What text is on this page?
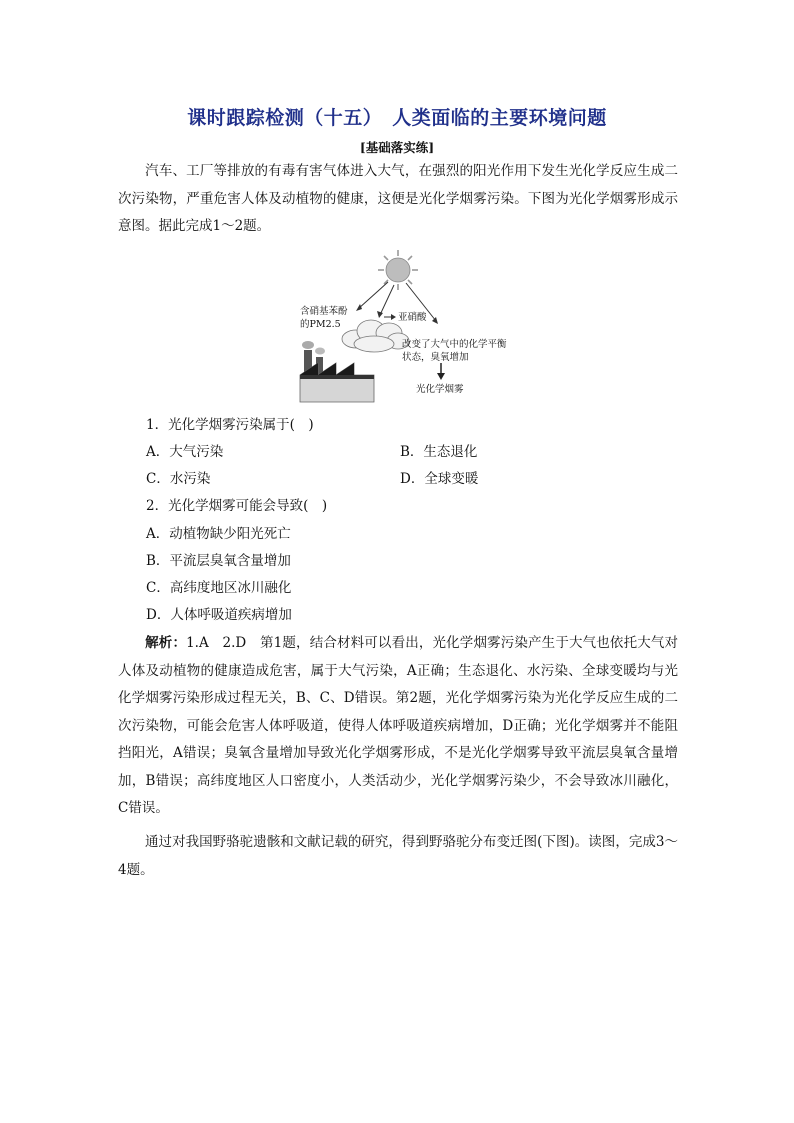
课时跟踪检测（十五）　人类面临的主要环境问题
[基础落实练]
汽车、工厂等排放的有毒有害气体进入大气，在强烈的阳光作用下发生光化学反应生成二次污染物，严重危害人体及动植物的健康，这便是光化学烟雾污染。下图为光化学烟雾形成示意图。据此完成1～2题。
含硝基苯酚
的PM2.5
亚硝酸
改变了大气中的化学平衡
状态，臭氧增加
光化学烟雾
1．光化学烟雾污染属于(　)
A．大气污染	B．生态退化
C．水污染	D．全球变暖
2．光化学烟雾可能会导致(　)
A．动植物缺少阳光死亡
B．平流层臭氧含量增加
C．高纬度地区冰川融化
D．人体呼吸道疾病增加
解析：1.A　2.D　第1题，结合材料可以看出，光化学烟雾污染产生于大气也依托大气对人体及动植物的健康造成危害，属于大气污染，A正确；生态退化、水污染、全球变暖均与光化学烟雾污染形成过程无关，B、C、D错误。第2题，光化学烟雾污染为光化学反应生成的二次污染物，可能会危害人体呼吸道，使得人体呼吸道疾病增加，D正确；光化学烟雾并不能阻挡阳光，A错误；臭氧含量增加导致光化学烟雾形成，不是光化学烟雾导致平流层臭氧含量增加，B错误；高纬度地区人口密度小，人类活动少，光化学烟雾污染少，不会导致冰川融化，C错误。
通过对我国野骆驼遗骸和文献记载的研究，得到野骆驼分布变迁图(下图)。读图，完成3～4题。
